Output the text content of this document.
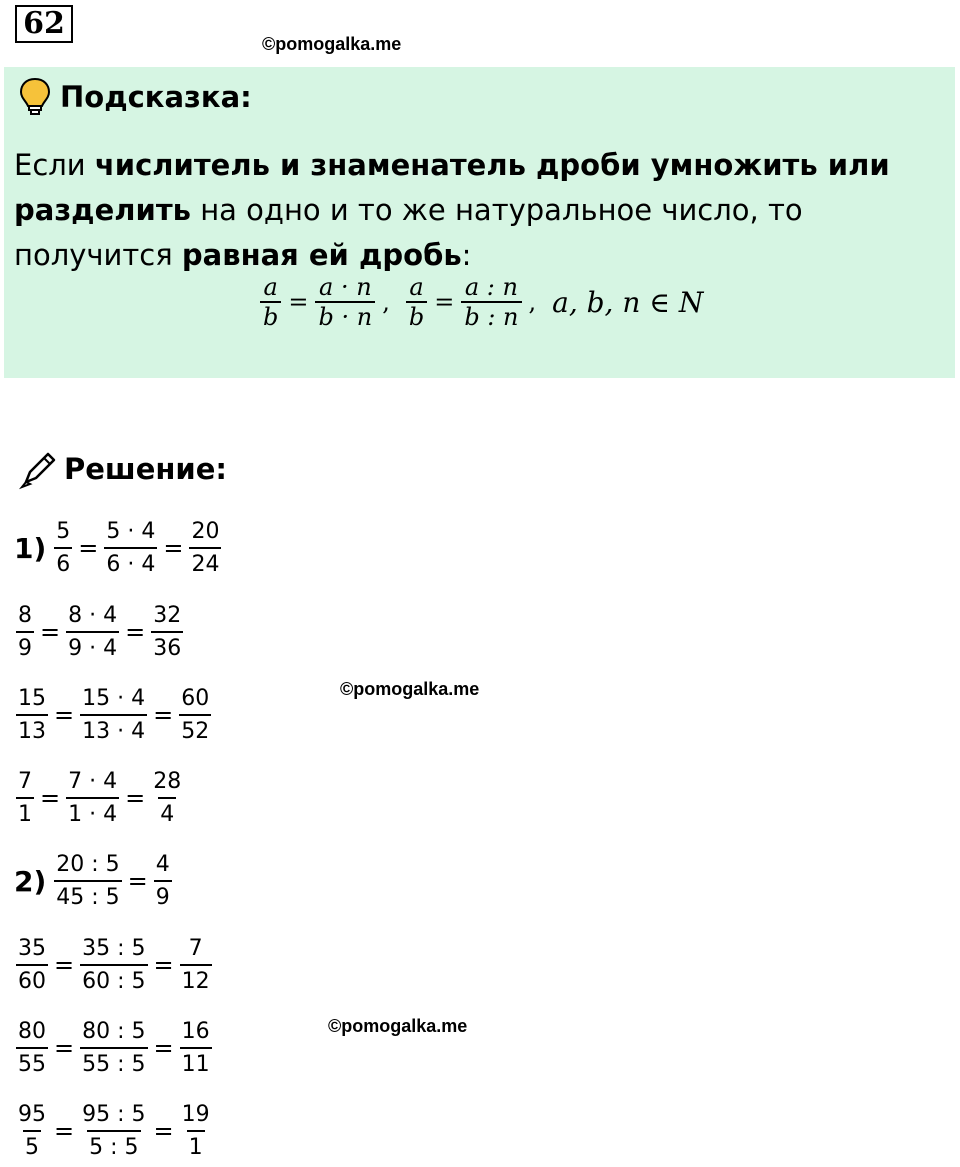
62
©pomogalka.me
Подсказка:
Если числитель и знаменатель дроби умножить или разделить на одно и то же натуральное число, то получится равная ей дробь:
$\frac{a}{b} = \frac{a \cdot n}{b \cdot n}$ , $\frac{a}{b} = \frac{a : n}{b : n}$ , a, b, n ∈ N
Решение:
©pomogalka.me
©pomogalka.me
$1) \frac{5}{6} = \frac{5 \cdot 4}{6 \cdot 4} = \frac{20}{24}$
$\frac{8}{9} = \frac{8 \cdot 4}{9 \cdot 4} = \frac{32}{36}$
$\frac{15}{13} = \frac{15 \cdot 4}{13 \cdot 4} = \frac{60}{52}$
$\frac{7}{1} = \frac{7 \cdot 4}{1 \cdot 4} = \frac{28}{4}$
$2) \frac{20 : 5}{45 : 5} = \frac{4}{9}$
$\frac{35}{60} = \frac{35 : 5}{60 : 5} = \frac{7}{12}$
$\frac{80}{55} = \frac{80 : 5}{55 : 5} = \frac{16}{11}$
$\frac{95}{5} = \frac{95 : 5}{5 : 5} = \frac{19}{1}$
